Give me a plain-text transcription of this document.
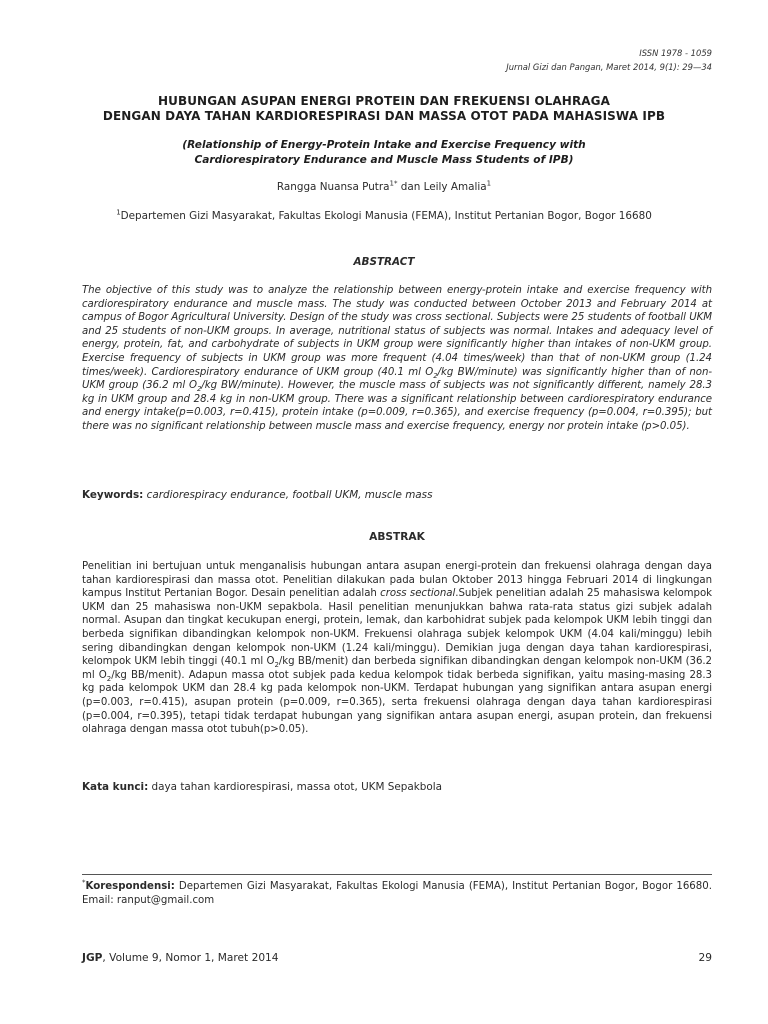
ISSN 1978 - 1059
Jurnal Gizi dan Pangan, Maret 2014, 9(1): 29—34
HUBUNGAN ASUPAN ENERGI PROTEIN DAN FREKUENSI OLAHRAGA
DENGAN DAYA TAHAN KARDIORESPIRASI DAN MASSA OTOT PADA MAHASISWA IPB
(Relationship of Energy-Protein Intake and Exercise Frequency with
Cardiorespiratory Endurance and Muscle Mass Students of IPB)
Rangga Nuansa Putra$^{1*}$ dan Leily Amalia$^1$
$^1$Departemen Gizi Masyarakat, Fakultas Ekologi Manusia (FEMA), Institut Pertanian Bogor, Bogor 16680
ABSTRACT
The objective of this study was to analyze the relationship between energy-protein intake and exercise frequency with cardiorespiratory endurance and muscle mass. The study was conducted between October 2013 and February 2014 at campus of Bogor Agricultural University. Design of the study was cross sectional. Subjects were 25 students of football UKM and 25 students of non-UKM groups. In average, nutritional status of subjects was normal. Intakes and adequacy level of energy, protein, fat, and carbohydrate of subjects in UKM group were significantly higher than intakes of non-UKM group. Exercise frequency of subjects in UKM group was more frequent (4.04 times/week) than that of non-UKM group (1.24 times/week). Cardiorespiratory endurance of UKM group (40.1 ml $O_2/kg$ BW/minute) was significantly higher than of non-UKM group (36.2 ml $O_2/kg$ BW/minute). However, the muscle mass of subjects was not significantly different, namely 28.3 kg in UKM group and 28.4 kg in non-UKM group. There was a significant relationship between cardiorespiratory endurance and energy intake(p=0.003, r=0.415), protein intake (p=0.009, r=0.365), and exercise frequency (p=0.004, r=0.395); but there was no significant relationship between muscle mass and exercise frequency, energy nor protein intake (p>0.05).
Keywords: cardiorespiracy endurance, football UKM, muscle mass
ABSTRAK
Penelitian ini bertujuan untuk menganalisis hubungan antara asupan energi-protein dan frekuensi olahraga dengan daya tahan kardiorespirasi dan massa otot. Penelitian dilakukan pada bulan Oktober 2013 hingga Februari 2014 di lingkungan kampus Institut Pertanian Bogor. Desain penelitian adalah cross sectional.Subjek penelitian adalah 25 mahasiswa kelompok UKM dan 25 mahasiswa non-UKM sepakbola. Hasil penelitian menunjukkan bahwa rata-rata status gizi subjek adalah normal. Asupan dan tingkat kecukupan energi, protein, lemak, dan karbohidrat subjek pada kelompok UKM lebih tinggi dan berbeda signifikan dibandingkan kelompok non-UKM. Frekuensi olahraga subjek kelompok UKM (4.04 kali/minggu) lebih sering dibandingkan dengan kelompok non-UKM (1.24 kali/minggu). Demikian juga dengan daya tahan kardiorespirasi, kelompok UKM lebih tinggi (40.1 ml $O_2/kg$ BB/menit) dan berbeda signifikan dibandingkan dengan kelompok non-UKM (36.2 ml $O_2/kg$ BB/menit). Adapun massa otot subjek pada kedua kelompok tidak berbeda signifikan, yaitu masing-masing 28.3 kg pada kelompok UKM dan 28.4 kg pada kelompok non-UKM. Terdapat hubungan yang signifikan antara asupan energi (p=0.003, r=0.415), asupan protein (p=0.009, r=0.365), serta frekuensi olahraga dengan daya tahan kardiorespirasi (p=0.004, r=0.395), tetapi tidak terdapat hubungan yang signifikan antara asupan energi, asupan protein, dan frekuensi olahraga dengan massa otot tubuh(p>0.05).
Kata kunci: daya tahan kardiorespirasi, massa otot, UKM Sepakbola
*Korespondensi: Departemen Gizi Masyarakat, Fakultas Ekologi Manusia (FEMA), Institut Pertanian Bogor, Bogor 16680. Email: ranput@gmail.com
JGP, Volume 9, Nomor 1, Maret 2014	29
